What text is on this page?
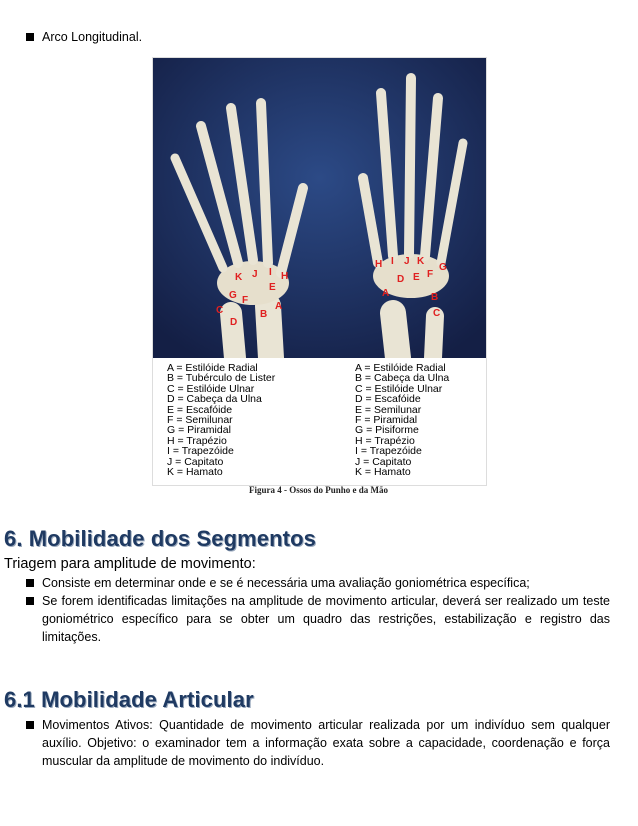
Arco Longitudinal.
K J I H
E
G F
C
D
B
A
H I J K
D E F
G
A	B
C
A = Estilóide Radial
B = Tubérculo de Lister
C = Estilóide Ulnar
D = Cabeça da Ulna
E = Escafóide
F = Semilunar
G = Piramidal
H = Trapézio
I = Trapezóide
J = Capitato
K = Hamato
A = Estilóide Radial
B = Cabeça da Ulna
C = Estilóide Ulnar
D = Escafóide
E = Semilunar
F = Piramidal
G = Pisiforme
H = Trapézio
I = Trapezóide
J = Capitato
K = Hamato
Figura 4 - Ossos do Punho e da Mão
6. Mobilidade dos Segmentos
Triagem para amplitude de movimento:
Consiste em determinar onde e se é necessária uma avaliação goniométrica específica;
Se forem identificadas limitações na amplitude de movimento articular, deverá ser realizado um teste goniométrico específico para se obter um quadro das restrições, estabilização e registro das limitações.
6.1 Mobilidade Articular
Movimentos Ativos: Quantidade de movimento articular realizada por um indivíduo sem qualquer auxílio. Objetivo: o examinador tem a informação exata sobre a capacidade, coordenação e força muscular da amplitude de movimento do indivíduo.
